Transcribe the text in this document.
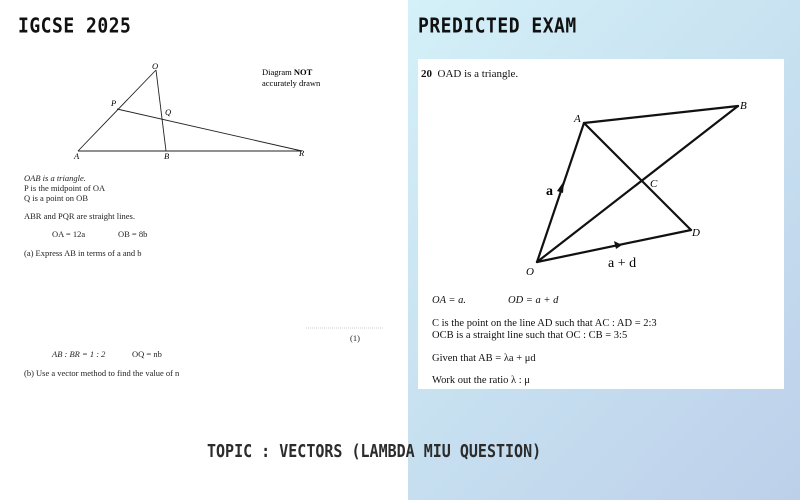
IGCSE 2025	PREDICTED EXAM
O
P
Q
A	B	R
Diagram NOT
accurately drawn
OAB is a triangle.
P is the midpoint of OA
Q is a point on OB
ABR and PQR are straight lines.
OA = 12a	OB = 8b
(a) Express AB in terms of a and b
(1)
AB : BR = 1 : 2	OQ = nb
(b) Use a vector method to find the value of n
20 OAD is a triangle.
A
B
C
D
O
a
a + d
OA = a.	OD = a + d
C is the point on the line AD such that AC : AD = 2:3
OCB is a straight line such that OC : CB = 3:5
Given that AB = λa + μd
Work out the ratio λ : μ
TOPIC : VECTORS (LAMBDA MIU QUESTION)
